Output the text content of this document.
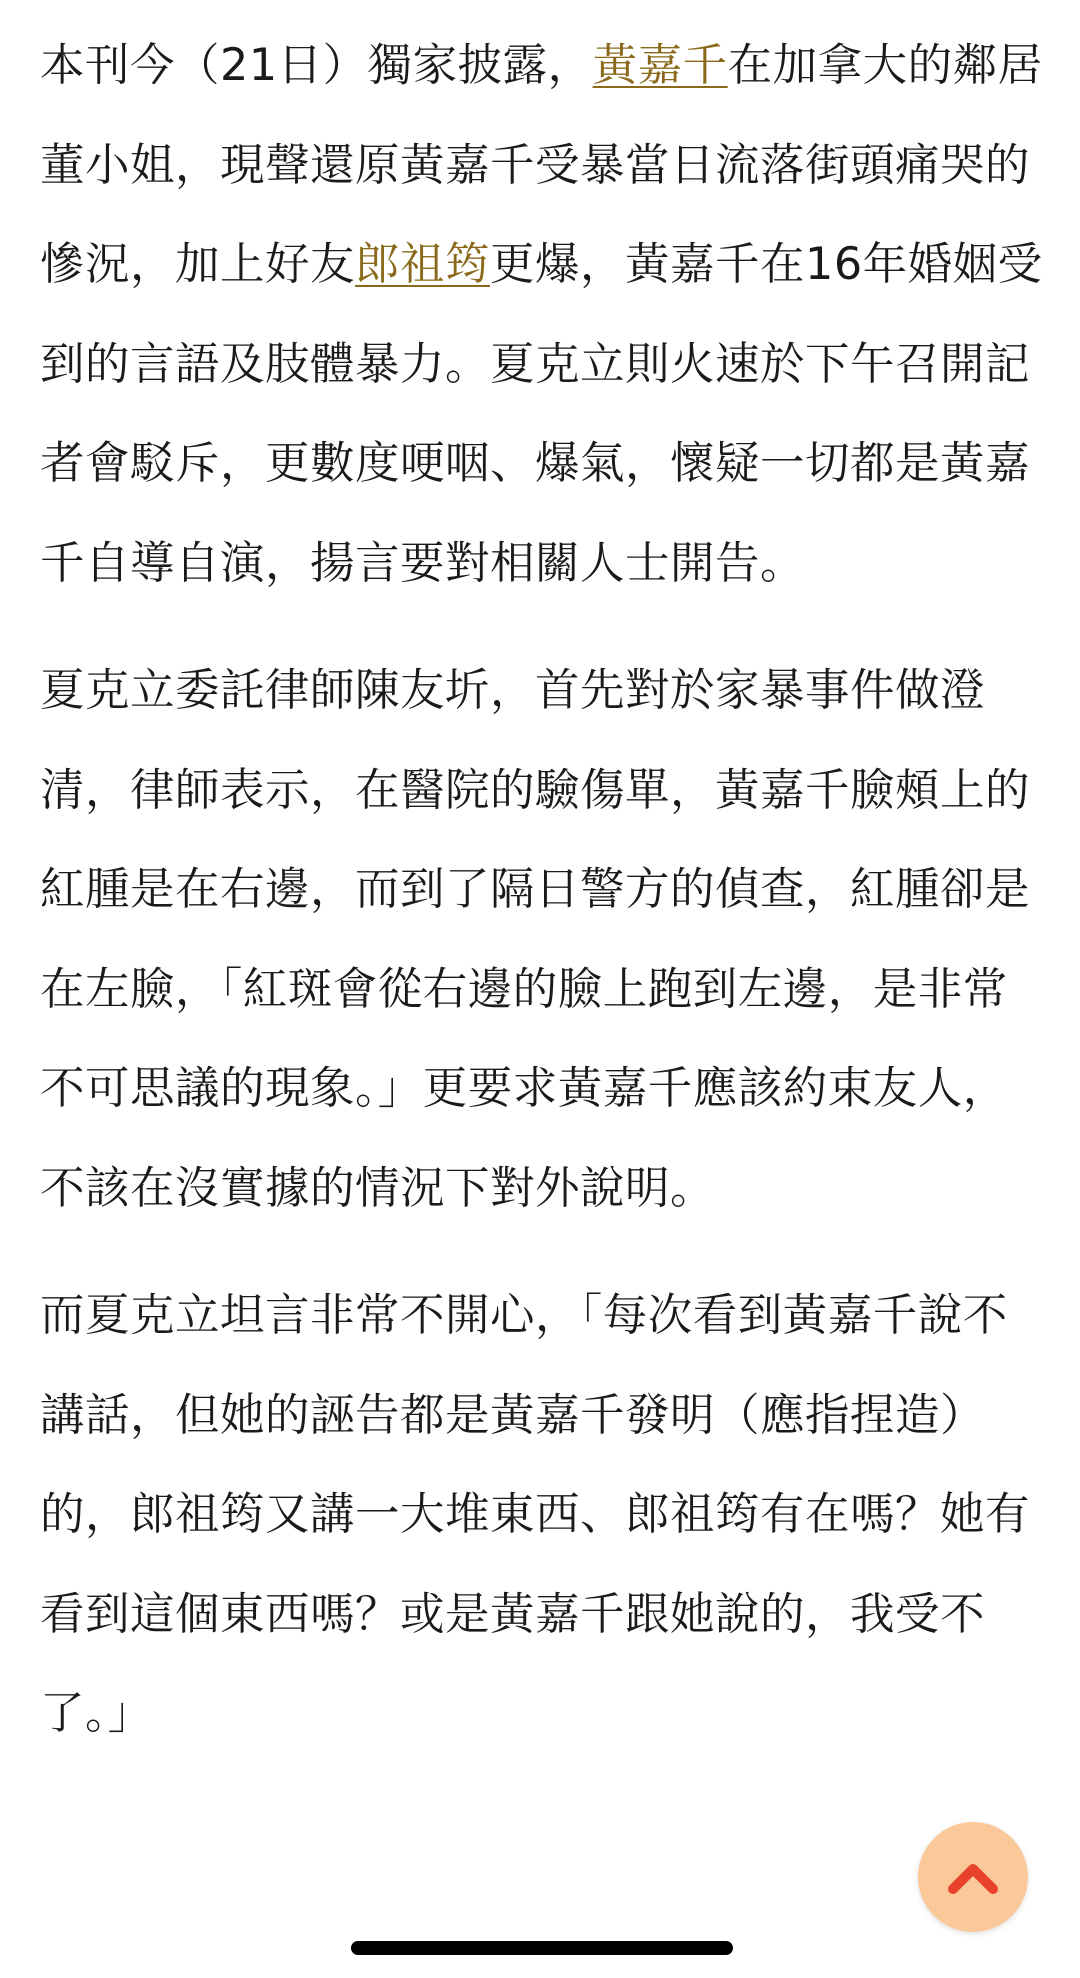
本刊今（21日）獨家披露，黃嘉千在加拿大的鄰居董小姐，現聲還原黃嘉千受暴當日流落街頭痛哭的慘況，加上好友郎祖筠更爆，黃嘉千在16年婚姻受到的言語及肢體暴力。夏克立則火速於下午召開記者會駁斥，更數度哽咽、爆氣，懷疑一切都是黃嘉千自導自演，揚言要對相關人士開告。

夏克立委託律師陳友圻，首先對於家暴事件做澄清，律師表示，在醫院的驗傷單，黃嘉千臉頰上的紅腫是在右邊，而到了隔日警方的偵查，紅腫卻是在左臉，「紅斑會從右邊的臉上跑到左邊，是非常不可思議的現象。」更要求黃嘉千應該約束友人，不該在沒實據的情況下對外說明。

而夏克立坦言非常不開心，「每次看到黃嘉千說不講話，但她的誣告都是黃嘉千發明（應指捏造）的，郎祖筠又講一大堆東西、郎祖筠有在嗎？她有看到這個東西嗎？或是黃嘉千跟她說的，我受不了。」
